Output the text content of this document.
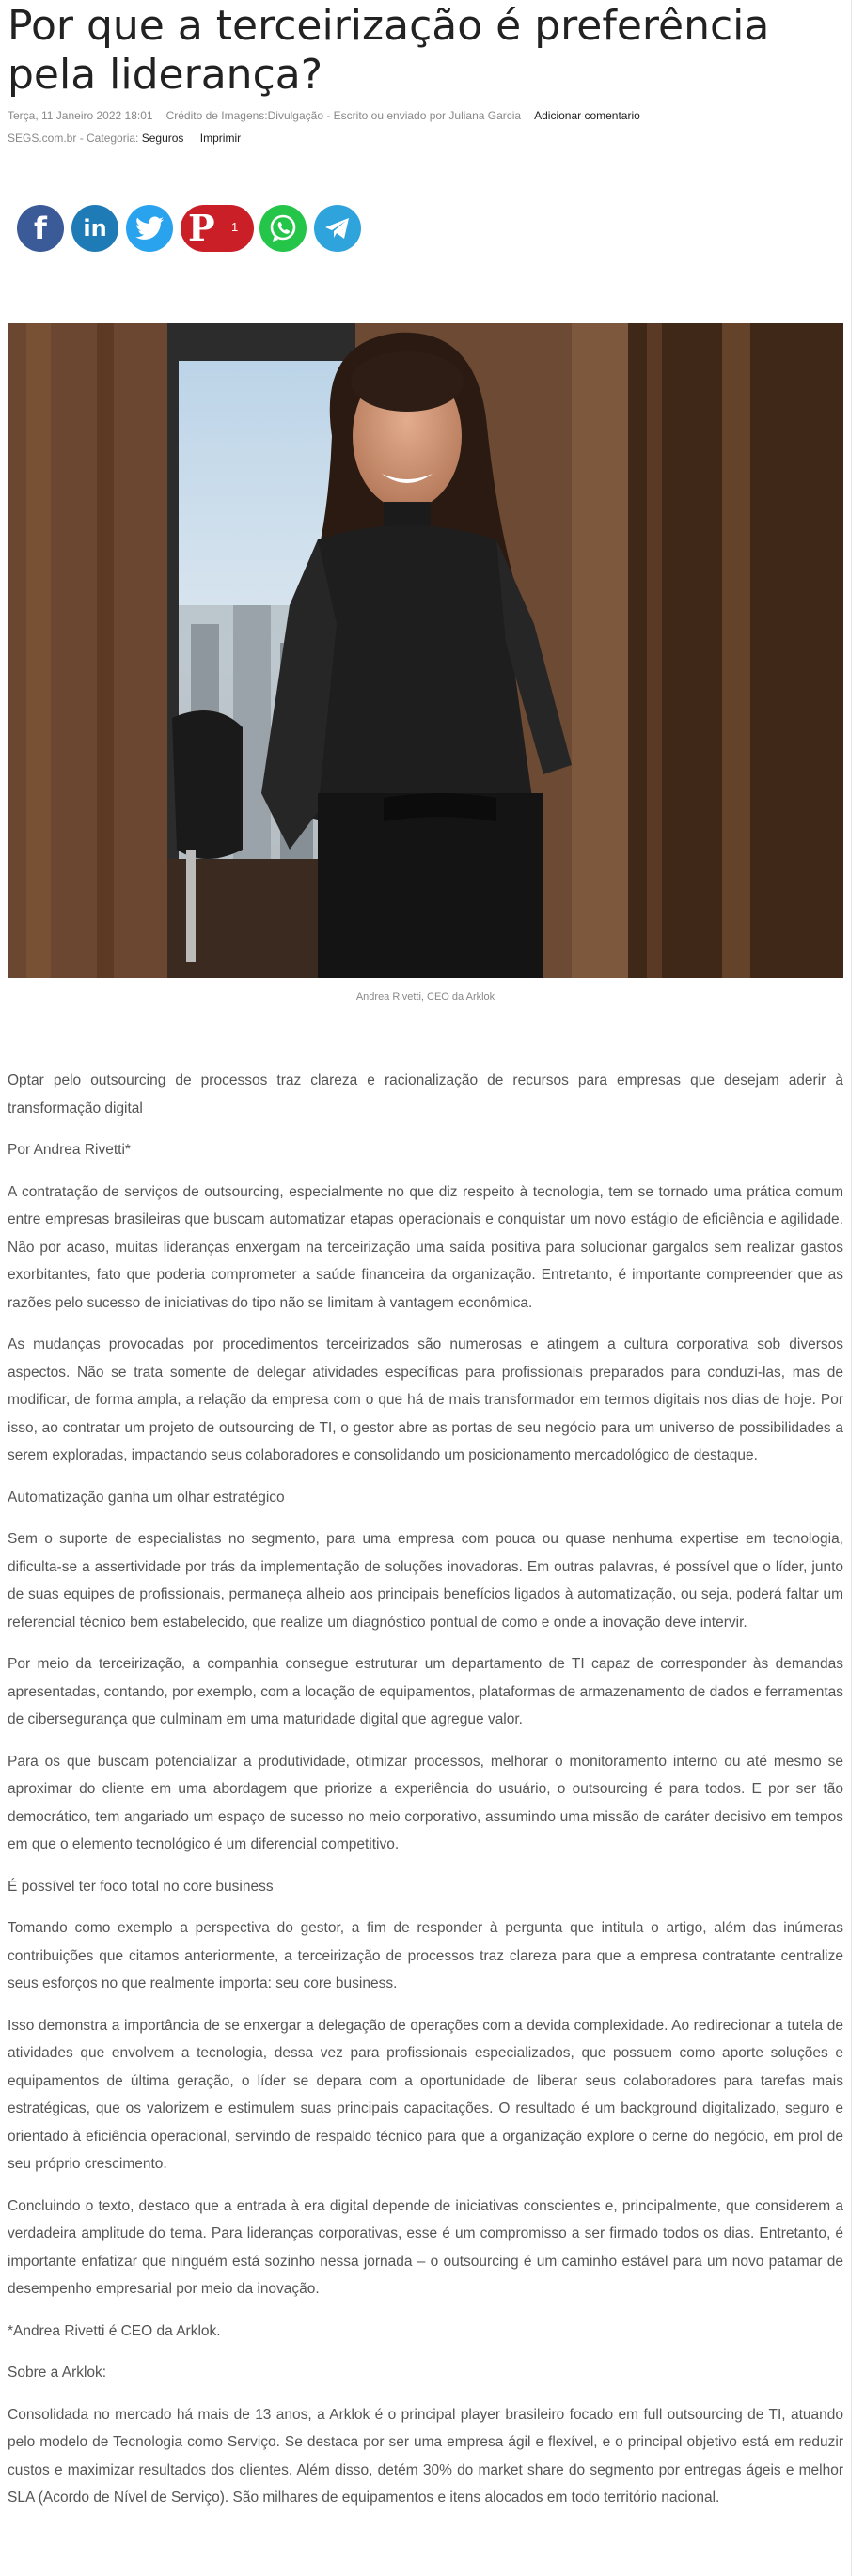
Por que a terceirização é preferência pela liderança?
Terça, 11 Janeiro 2022 18:01 Crédito de Imagens:Divulgação - Escrito ou enviado por Juliana Garcia Adicionar comentario
SEGS.com.br - Categoria: Seguros Imprimir
f in P 1
Andrea Rivetti, CEO da Arklok

Optar pelo outsourcing de processos traz clareza e racionalização de recursos para empresas que desejam aderir à transformação digital

Por Andrea Rivetti*

A contratação de serviços de outsourcing, especialmente no que diz respeito à tecnologia, tem se tornado uma prática comum entre empresas brasileiras que buscam automatizar etapas operacionais e conquistar um novo estágio de eficiência e agilidade. Não por acaso, muitas lideranças enxergam na terceirização uma saída positiva para solucionar gargalos sem realizar gastos exorbitantes, fato que poderia comprometer a saúde financeira da organização. Entretanto, é importante compreender que as razões pelo sucesso de iniciativas do tipo não se limitam à vantagem econômica.

As mudanças provocadas por procedimentos terceirizados são numerosas e atingem a cultura corporativa sob diversos aspectos. Não se trata somente de delegar atividades específicas para profissionais preparados para conduzi-las, mas de modificar, de forma ampla, a relação da empresa com o que há de mais transformador em termos digitais nos dias de hoje. Por isso, ao contratar um projeto de outsourcing de TI, o gestor abre as portas de seu negócio para um universo de possibilidades a serem exploradas, impactando seus colaboradores e consolidando um posicionamento mercadológico de destaque.

Automatização ganha um olhar estratégico

Sem o suporte de especialistas no segmento, para uma empresa com pouca ou quase nenhuma expertise em tecnologia, dificulta-se a assertividade por trás da implementação de soluções inovadoras. Em outras palavras, é possível que o líder, junto de suas equipes de profissionais, permaneça alheio aos principais benefícios ligados à automatização, ou seja, poderá faltar um referencial técnico bem estabelecido, que realize um diagnóstico pontual de como e onde a inovação deve intervir.

Por meio da terceirização, a companhia consegue estruturar um departamento de TI capaz de corresponder às demandas apresentadas, contando, por exemplo, com a locação de equipamentos, plataformas de armazenamento de dados e ferramentas de cibersegurança que culminam em uma maturidade digital que agregue valor.

Para os que buscam potencializar a produtividade, otimizar processos, melhorar o monitoramento interno ou até mesmo se aproximar do cliente em uma abordagem que priorize a experiência do usuário, o outsourcing é para todos. E por ser tão democrático, tem angariado um espaço de sucesso no meio corporativo, assumindo uma missão de caráter decisivo em tempos em que o elemento tecnológico é um diferencial competitivo.

É possível ter foco total no core business

Tomando como exemplo a perspectiva do gestor, a fim de responder à pergunta que intitula o artigo, além das inúmeras contribuições que citamos anteriormente, a terceirização de processos traz clareza para que a empresa contratante centralize seus esforços no que realmente importa: seu core business.

Isso demonstra a importância de se enxergar a delegação de operações com a devida complexidade. Ao redirecionar a tutela de atividades que envolvem a tecnologia, dessa vez para profissionais especializados, que possuem como aporte soluções e equipamentos de última geração, o líder se depara com a oportunidade de liberar seus colaboradores para tarefas mais estratégicas, que os valorizem e estimulem suas principais capacitações. O resultado é um background digitalizado, seguro e orientado à eficiência operacional, servindo de respaldo técnico para que a organização explore o cerne do negócio, em prol de seu próprio crescimento.

Concluindo o texto, destaco que a entrada à era digital depende de iniciativas conscientes e, principalmente, que considerem a verdadeira amplitude do tema. Para lideranças corporativas, esse é um compromisso a ser firmado todos os dias. Entretanto, é importante enfatizar que ninguém está sozinho nessa jornada – o outsourcing é um caminho estável para um novo patamar de desempenho empresarial por meio da inovação.

*Andrea Rivetti é CEO da Arklok.

Sobre a Arklok:

Consolidada no mercado há mais de 13 anos, a Arklok é o principal player brasileiro focado em full outsourcing de TI, atuando pelo modelo de Tecnologia como Serviço. Se destaca por ser uma empresa ágil e flexível, e o principal objetivo está em reduzir custos e maximizar resultados dos clientes. Além disso, detém 30% do market share do segmento por entregas ágeis e melhor SLA (Acordo de Nível de Serviço). São milhares de equipamentos e itens alocados em todo território nacional.
